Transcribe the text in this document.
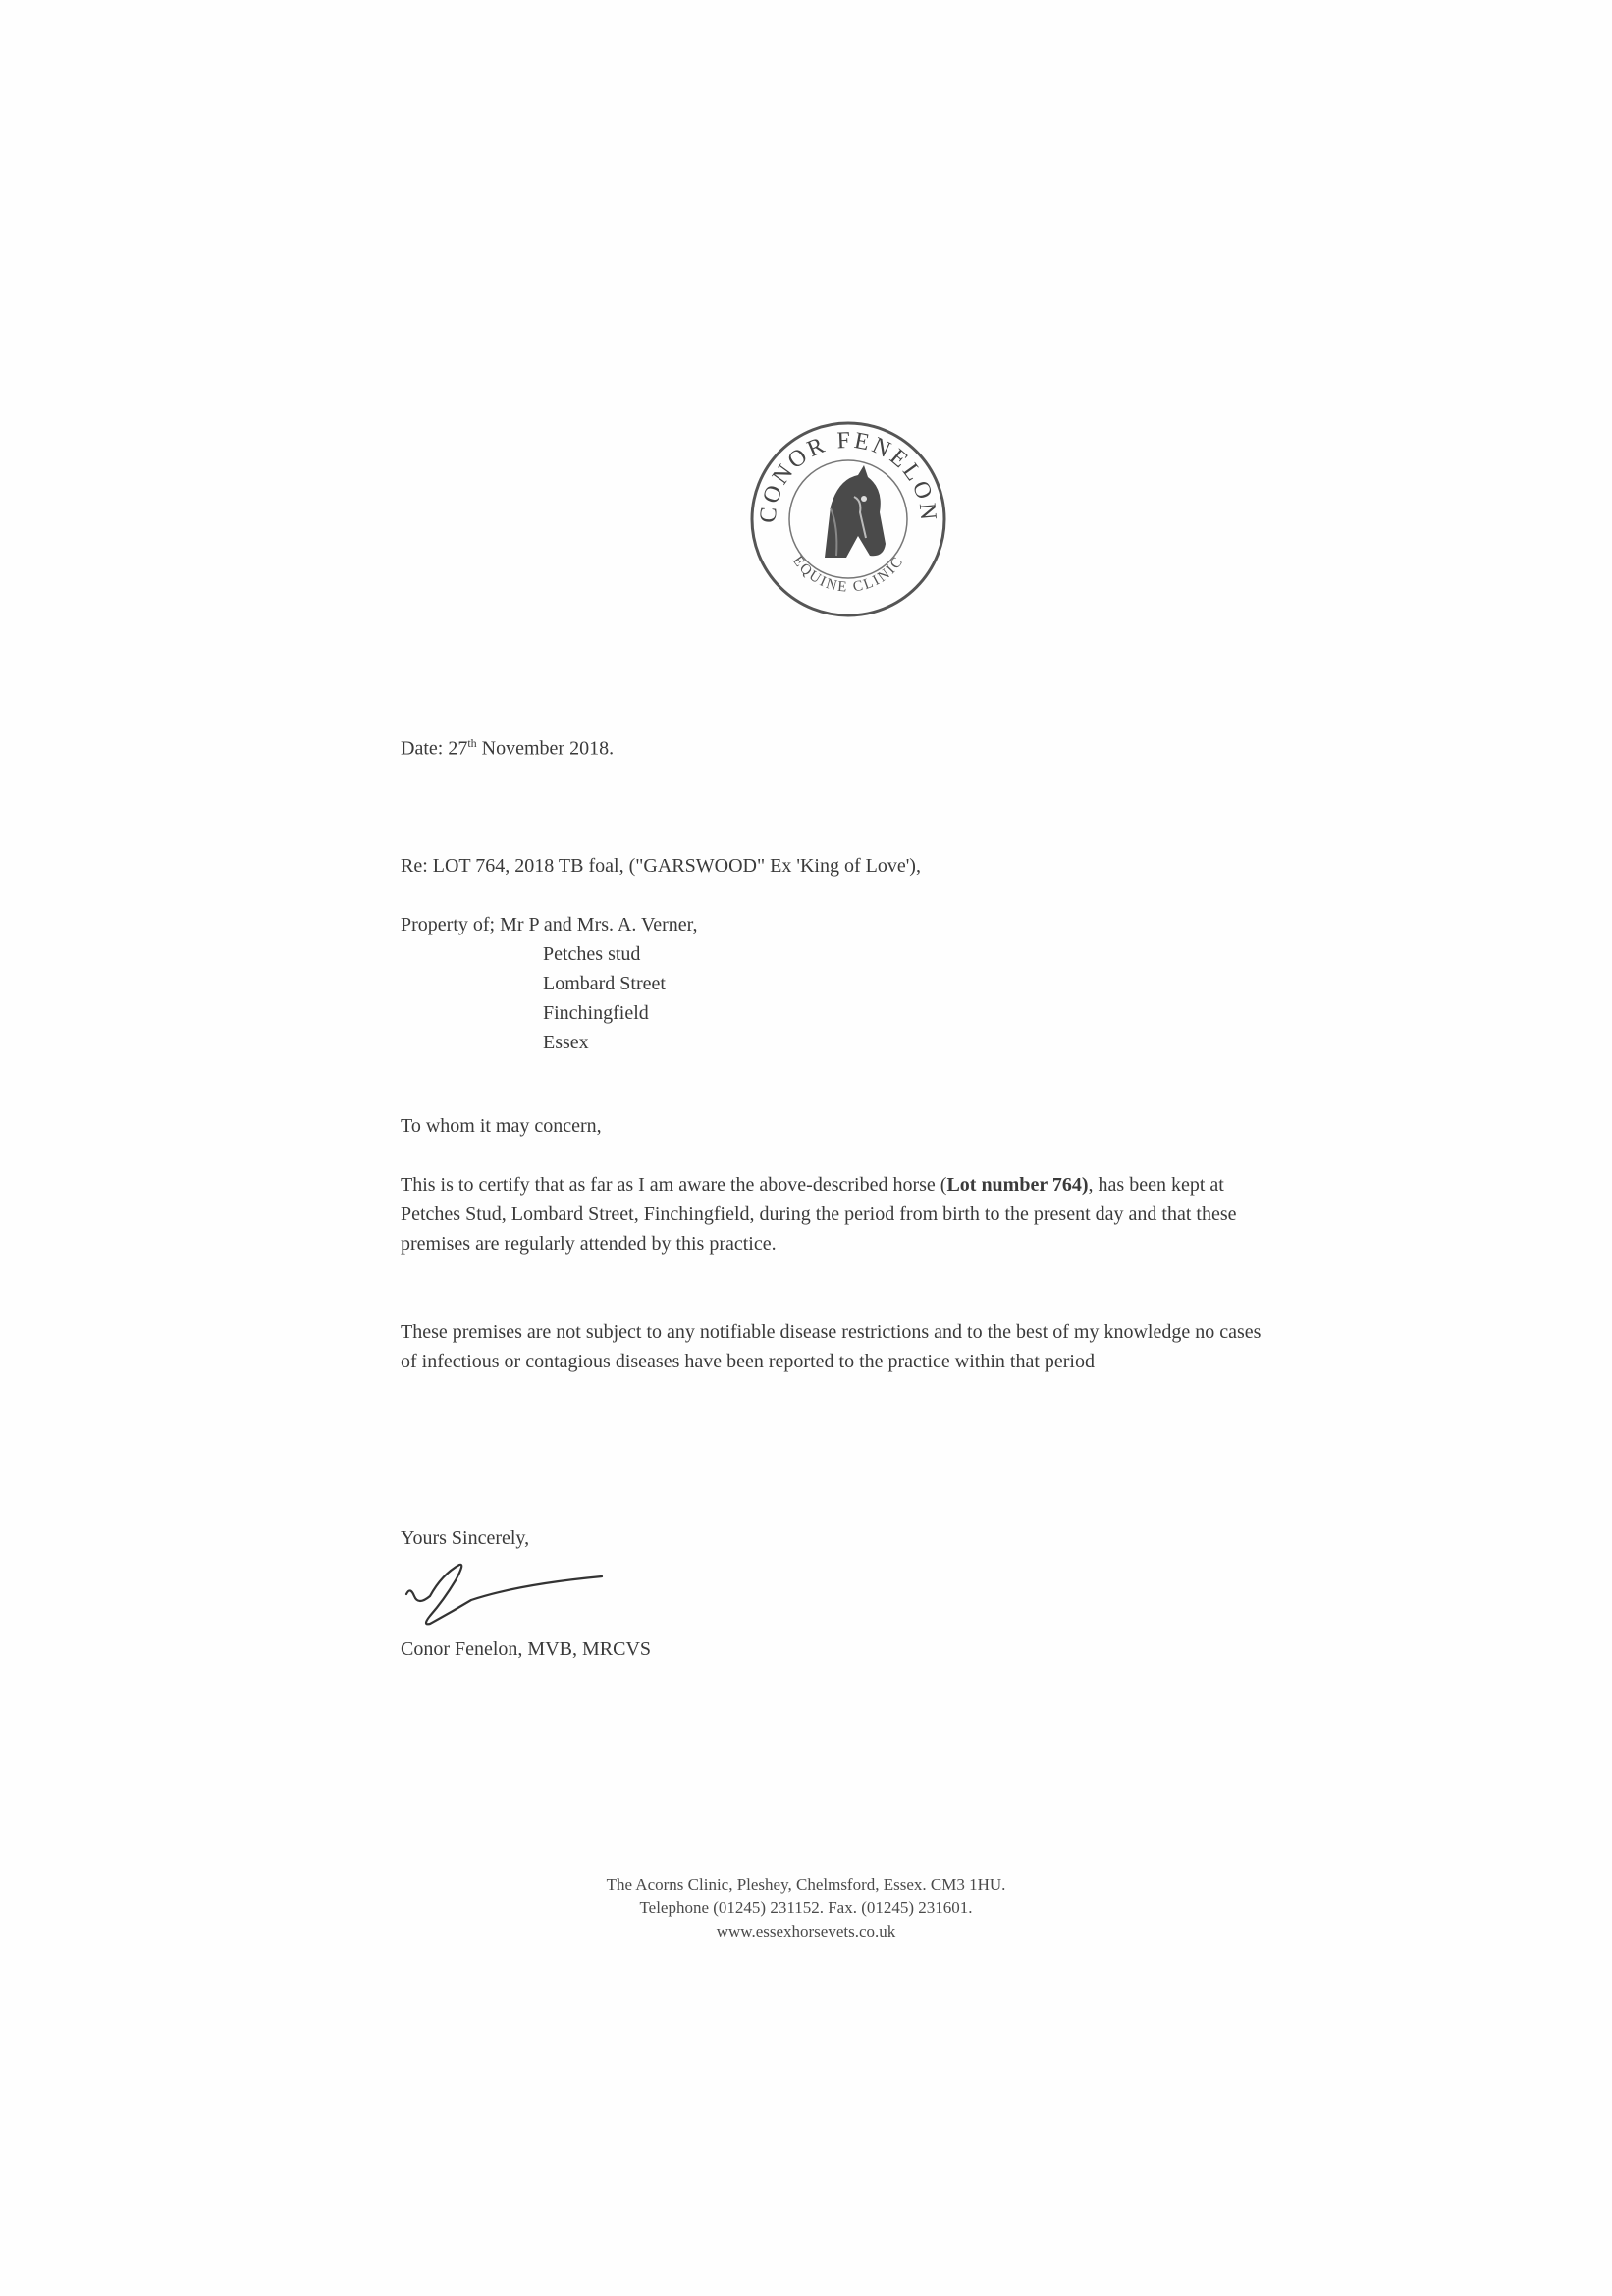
CONOR FENELON
EQUINE CLINIC
Date: 27th November 2018.
Re: LOT 764, 2018 TB foal, ("GARSWOOD" Ex 'King of Love'),
Property of; Mr P and Mrs. A. Verner,
Petches stud
Lombard Street
Finchingfield
Essex
To whom it may concern,
This is to certify that as far as I am aware the above-described horse (Lot number 764), has been kept at Petches Stud, Lombard Street, Finchingfield, during the period from birth to the present day and that these premises are regularly attended by this practice.
These premises are not subject to any notifiable disease restrictions and to the best of my knowledge no cases of infectious or contagious diseases have been reported to the practice within that period
Yours Sincerely,
Conor Fenelon, MVB, MRCVS
The Acorns Clinic, Pleshey, Chelmsford, Essex. CM3 1HU.
Telephone (01245) 231152. Fax. (01245) 231601.
www.essexhorsevets.co.uk
